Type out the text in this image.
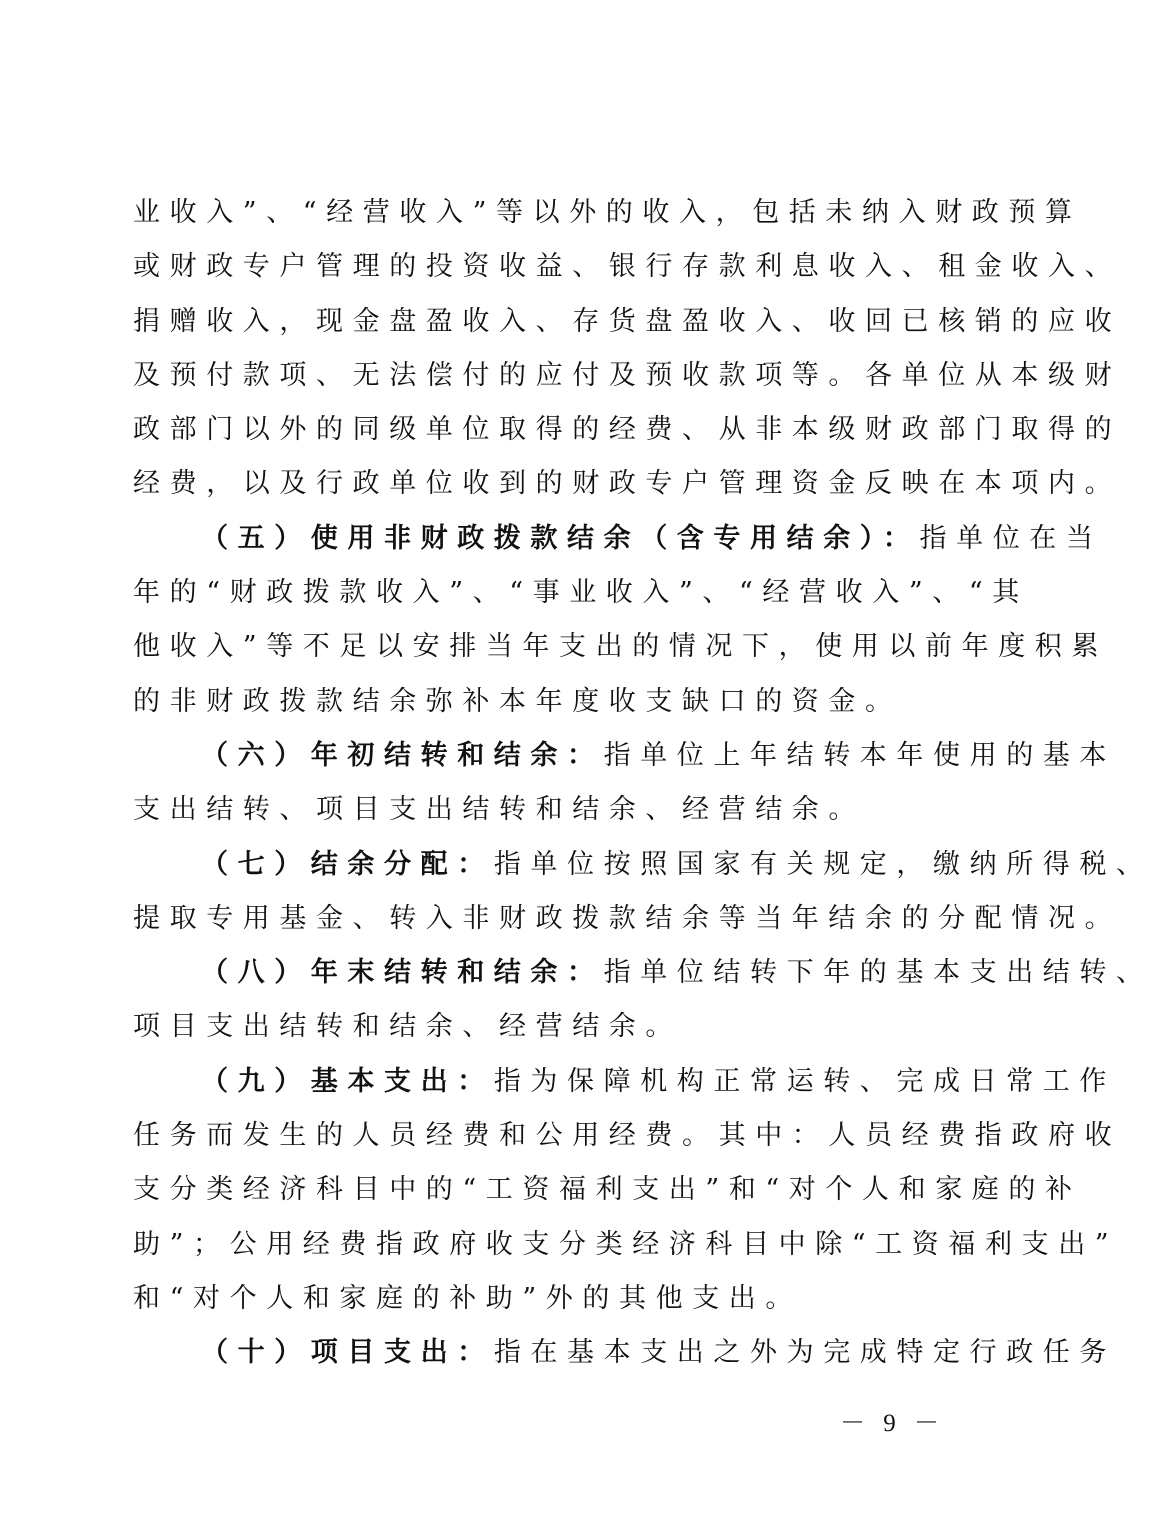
业收入”、“经营收入”等以外的收入，包括未纳入财政预算
或财政专户管理的投资收益、银行存款利息收入、租金收入、
捐赠收入，现金盘盈收入、存货盘盈收入、收回已核销的应收
及预付款项、无法偿付的应付及预收款项等。各单位从本级财
政部门以外的同级单位取得的经费、从非本级财政部门取得的
经费，以及行政单位收到的财政专户管理资金反映在本项内。
（五）使用非财政拨款结余（含专用结余）：指单位在当
年的“财政拨款收入”、“事业收入”、“经营收入”、“其
他收入”等不足以安排当年支出的情况下，使用以前年度积累
的非财政拨款结余弥补本年度收支缺口的资金。
（六）年初结转和结余：指单位上年结转本年使用的基本
支出结转、项目支出结转和结余、经营结余。
（七）结余分配：指单位按照国家有关规定，缴纳所得税、
提取专用基金、转入非财政拨款结余等当年结余的分配情况。
（八）年末结转和结余：指单位结转下年的基本支出结转、
项目支出结转和结余、经营结余。
（九）基本支出：指为保障机构正常运转、完成日常工作
任务而发生的人员经费和公用经费。其中：人员经费指政府收
支分类经济科目中的“工资福利支出”和“对个人和家庭的补
助”；公用经费指政府收支分类经济科目中除“工资福利支出”
和“对个人和家庭的补助”外的其他支出。
（十）项目支出：指在基本支出之外为完成特定行政任务
－ 9 －
